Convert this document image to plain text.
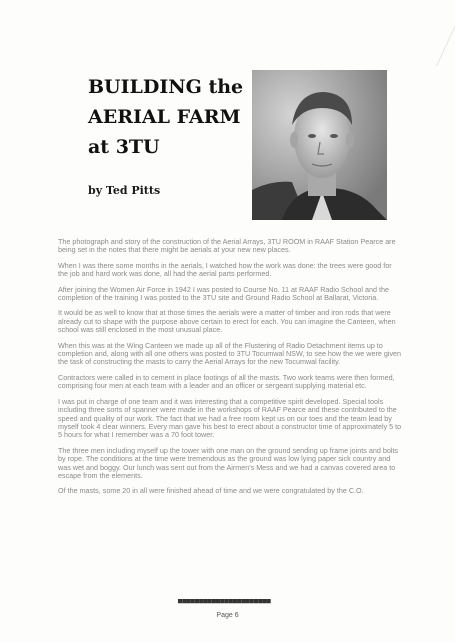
BUILDING the
AERIAL FARM
at 3TU
by Ted Pitts

The photograph and story of the construction of the Aerial Arrays, 3TU ROOM in RAAF Station Pearce are being set in the notes that there might be aerials at your new new places.

When I was there some months in the aerials, I watched how the work was done: the trees were good for the job and hard work was done, all had the aerial parts performed.

After joining the Women Air Force in 1942 I was posted to Course No. 11 at RAAF Radio School and the completion of the training I was posted to the 3TU site and Ground Radio School at Ballarat, Victoria.

It would be as well to know that at those times the aerials were a matter of timber and iron rods that were already cut to shape with the purpose above certain to erect for each. You can imagine the Canteen, when school was still enclosed in the most unusual place.

When this was at the Wing Canteen we made up all of the Flustering of Radio Detachment items up to completion and, along with all one others was posted to 3TU Tocumwal NSW, to see how the we were given the task of constructing the masts to carry the Aerial Arrays for the new Tocumwal facility.

Contractors were called in to cement in place footings of all the masts. Two work teams were then formed, comprising four men at each team with a leader and an officer or sergeant supplying material etc.

I was put in charge of one team and it was interesting that a competitive spirit developed. Special tools including three sorts of spanner were made in the workshops of RAAF Pearce and these contributed to the speed and quality of our work. The fact that we had a free room kept us on our toes and the team lead by myself took 4 clear winners. Every man gave his best to erect about a constructor time of approximately 5 to 5 hours for what I remember was a 70 foot tower.

The three men including myself up the tower with one man on the ground sending up frame joints and bolts by rope. The conditions at the time were tremendous as the ground was low lying paper sick country and was wet and boggy. Our lunch was sent out from the Airmen's Mess and we had a canvas covered area to escape from the elements.

Of the masts, some 20 in all were finished ahead of time and we were congratulated by the C.O.

■■■■■■■■■■■■■■■■■■■■■■
Page 6
